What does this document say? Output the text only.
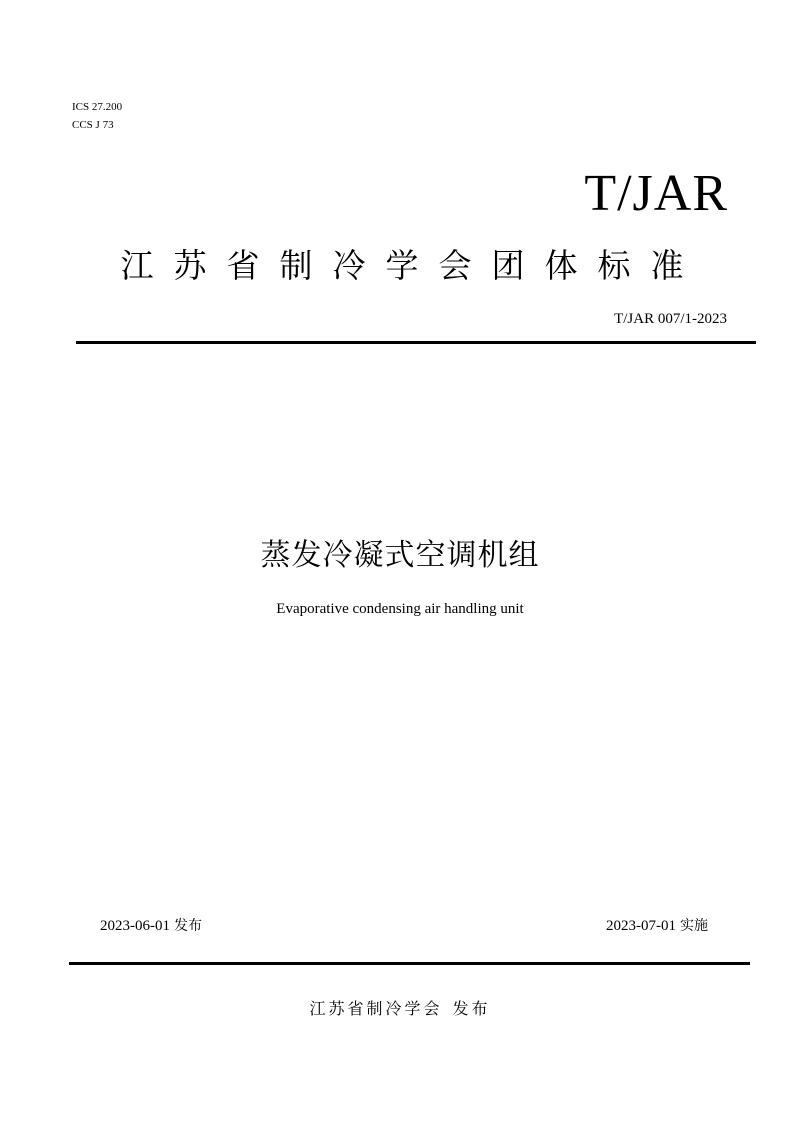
ICS 27.200
CCS J 73
T/JAR
江苏省制冷学会团体标准
T/JAR 007/1-2023
蒸发冷凝式空调机组
Evaporative condensing air handling unit
2023-06-01 发布	2023-07-01 实施
江苏省制冷学会 发布
